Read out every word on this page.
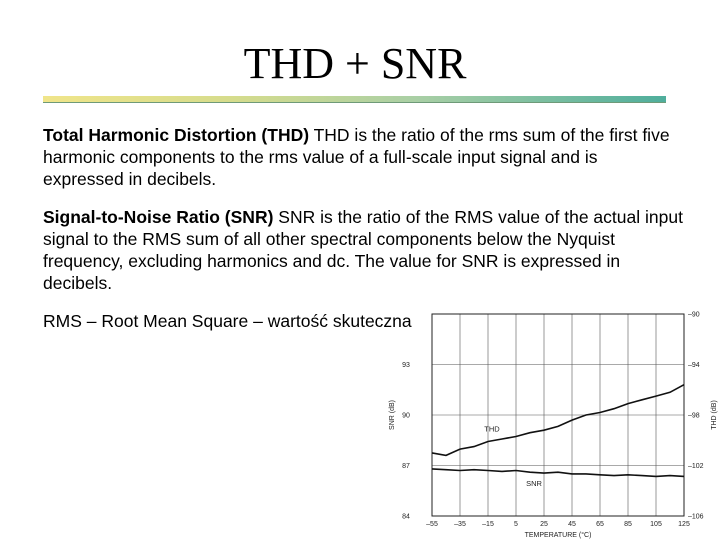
THD + SNR
Total Harmonic Distortion (THD) THD is the ratio of the rms sum of the first five harmonic components to the rms value of a full-scale input signal and is expressed in decibels.
Signal-to-Noise Ratio (SNR) SNR is the ratio of the RMS value of the actual input signal to the RMS sum of all other spectral components below the Nyquist frequency, excluding harmonics and dc. The value for SNR is expressed in decibels.
RMS – Root Mean Square – wartość skuteczna
–55 –35 –15	5	25	45	65	85	105 125
–106
–102
–98
–94
–90
84
87
90
93
THD
SNR
TEMPERATURE (°C)
SNR (dB)	THD (dB)
